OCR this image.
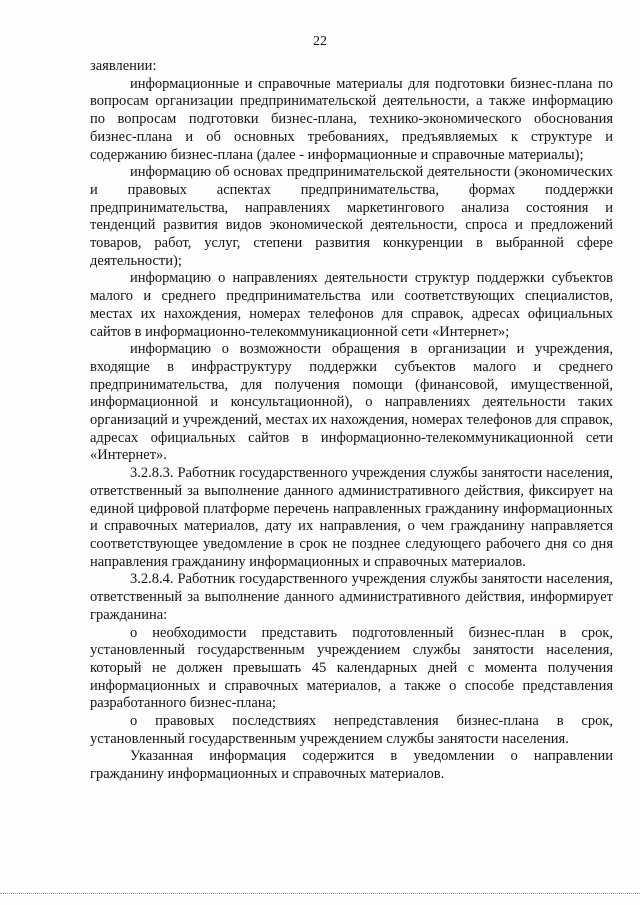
22

заявлении:

информационные и справочные материалы для подготовки бизнес-плана по вопросам организации предпринимательской деятельности, а также информацию по вопросам подготовки бизнес-плана, технико-экономического обоснования бизнес-плана и об основных требованиях, предъявляемых к структуре и содержанию бизнес-плана (далее - информационные и справочные материалы);

информацию об основах предпринимательской деятельности (экономических и правовых аспектах предпринимательства, формах поддержки предпринимательства, направлениях маркетингового анализа состояния и тенденций развития видов экономической деятельности, спроса и предложений товаров, работ, услуг, степени развития конкуренции в выбранной сфере деятельности);

информацию о направлениях деятельности структур поддержки субъектов малого и среднего предпринимательства или соответствующих специалистов, местах их нахождения, номерах телефонов для справок, адресах официальных сайтов в информационно-телекоммуникационной сети «Интернет»;

информацию о возможности обращения в организации и учреждения, входящие в инфраструктуру поддержки субъектов малого и среднего предпринимательства, для получения помощи (финансовой, имущественной, информационной и консультационной), о направлениях деятельности таких организаций и учреждений, местах их нахождения, номерах телефонов для справок, адресах официальных сайтов в информационно-телекоммуникационной сети «Интернет».

3.2.8.3. Работник государственного учреждения службы занятости населения, ответственный за выполнение данного административного действия, фиксирует на единой цифровой платформе перечень направленных гражданину информационных и справочных материалов, дату их направления, о чем гражданину направляется соответствующее уведомление в срок не позднее следующего рабочего дня со дня направления гражданину информационных и справочных материалов.

3.2.8.4. Работник государственного учреждения службы занятости населения, ответственный за выполнение данного административного действия, информирует гражданина:

о необходимости представить подготовленный бизнес-план в срок, установленный государственным учреждением службы занятости населения, который не должен превышать 45 календарных дней с момента получения информационных и справочных материалов, а также о способе представления разработанного бизнес-плана;

о правовых последствиях непредставления бизнес-плана в срок, установленный государственным учреждением службы занятости населения.

Указанная информация содержится в уведомлении о направлении гражданину информационных и справочных материалов.
